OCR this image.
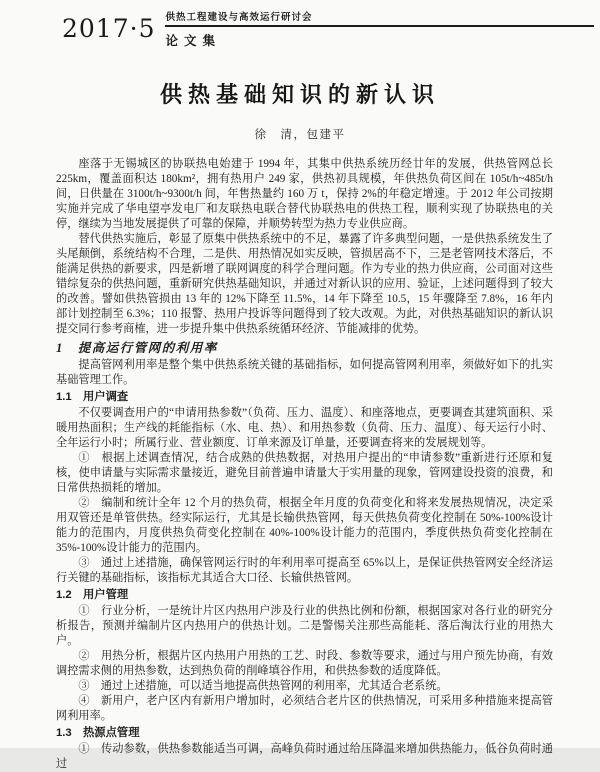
2017·5 供热工程建设与高效运行研讨会
论文集
供热基础知识的新认识
徐　清，包建平

座落于无锡城区的协联热电始建于 1994 年，其集中供热系统历经廿年的发展，供热管网总长 225km，覆盖面积达 180km²，拥有热用户 249 家，供热初具规模，年供热负荷区间在 105t/h~485t/h 间，日供量在 3100t/h~9300t/h 间，年售热量约 160 万 t，保持 2%的年稳定增速。于 2012 年公司按期实施并完成了华电望亭发电厂和友联热电联合替代协联热电的供热工程，顺利实现了协联热电的关停，继续为当地发展提供了可靠的保障，并顺势转型为热力专业供应商。

替代供热实施后，彰显了原集中供热系统中的不足，暴露了许多典型问题，一是供热系统发生了头尾颠倒，系统结构不合理，二是供、用热情况如实反映，管损居高不下，三是老管网技术落后，不能满足供热的新要求，四是新增了联网调度的科学合理问题。作为专业的热力供应商，公司面对这些错综复杂的供热问题，重新研究供热基础知识，并通过对新认识的应用、验证，上述问题得到了较大的改善。譬如供热管损由 13 年的 12%下降至 11.5%，14 年下降至 10.5，15 年骤降至 7.8%，16 年内部计划控制至 6.3%；110 报警、热用户投诉等问题得到了较大改观。为此，对供热基础知识的新认识提交同行参考商榷，进一步提升集中供热系统循环经济、节能减排的优势。

1　提高运行管网的利用率

提高管网利用率是整个集中供热系统关键的基础指标，如何提高管网利用率，须做好如下的扎实基础管理工作。

1.1　用户调查

不仅要调查用户的“申请用热参数”（负荷、压力、温度）、和座落地点，更要调查其建筑面积、采暖用热面积；生产线的耗能指标（水、电、热）、和用热参数（负荷、压力、温度）、每天运行小时、全年运行小时；所属行业、营业额度、订单来源及订单量，还要调查将来的发展规划等。

①　根据上述调查情况，结合成熟的供热数据，对热用户提出的“申请参数”重新进行还原和复核，使申请量与实际需求量接近，避免目前普遍申请量大于实用量的现象，管网建设投资的浪费，和日常供热损耗的增加。

②　编制和统计全年 12 个月的热负荷，根据全年月度的负荷变化和将来发展热规情况，决定采用双管还是单管供热。经实际运行，尤其是长输供热管网，每天供热负荷变化控制在 50%-100%设计能力的范围内，月度供热负荷变化控制在 40%-100%设计能力的范围内，季度供热负荷变化控制在 35%-100%设计能力的范围内。

③　通过上述措施，确保管网运行时的年利用率可提高至 65%以上，是保证供热管网安全经济运行关键的基础指标，该指标尤其适合大口径、长输供热管网。

1.2　用户管理

①　行业分析，一是统计片区内热用户涉及行业的供热比例和份额，根据国家对各行业的研究分析报告，预测并编制片区内热用户的供热计划。二是警惕关注那些高能耗、落后淘汰行业的用热大户。

②　用热分析，根据片区内热用户用热的工艺、时段、参数等要求，通过与用户预先协商，有效调控需求侧的用热参数，达到热负荷的削峰填谷作用，和供热参数的适度降低。

③　通过上述措施，可以适当地提高供热管网的利用率，尤其适合老系统。

④　新用户，老户区内有新用户增加时，必须结合老片区的供热情况，可采用多种措施来提高管网利用率。

1.3　热源点管理

①　传动参数，供热参数能适当可调，高峰负荷时通过给压降温来增加供热能力，低谷负荷时通过
